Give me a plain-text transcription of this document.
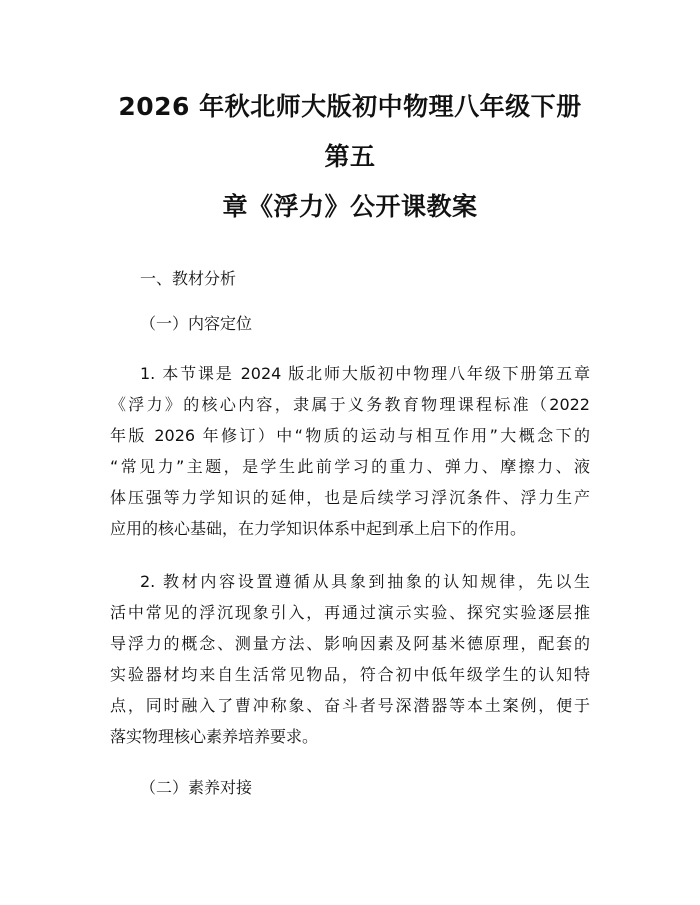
2026 年秋北师大版初中物理八年级下册第五
章《浮力》公开课教案

一、教材分析

（一）内容定位

1. 本节课是 2024 版北师大版初中物理八年级下册第五章
《浮力》的核心内容，隶属于义务教育物理课程标准（2022
年版 2026 年修订）中“物质的运动与相互作用”大概念下的
“常见力”主题，是学生此前学习的重力、弹力、摩擦力、液
体压强等力学知识的延伸，也是后续学习浮沉条件、浮力生产
应用的核心基础，在力学知识体系中起到承上启下的作用。
2. 教材内容设置遵循从具象到抽象的认知规律，先以生
活中常见的浮沉现象引入，再通过演示实验、探究实验逐层推
导浮力的概念、测量方法、影响因素及阿基米德原理，配套的
实验器材均来自生活常见物品，符合初中低年级学生的认知特
点，同时融入了曹冲称象、奋斗者号深潜器等本土案例，便于
落实物理核心素养培养要求。

（二）素养对接
